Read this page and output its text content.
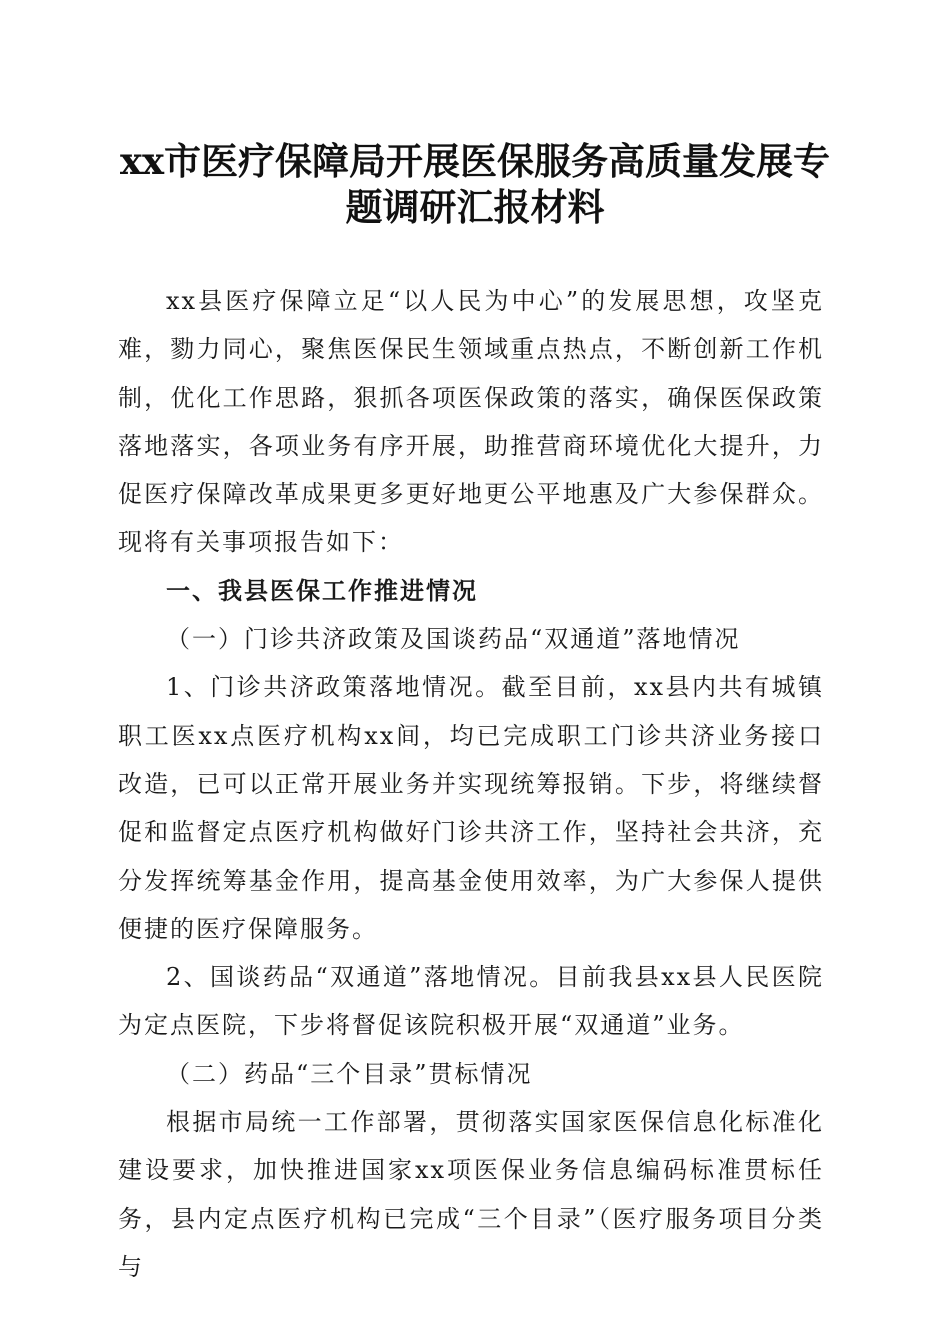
xx市医疗保障局开展医保服务高质量发展专
题调研汇报材料

xx县医疗保障立足“以人民为中心”的发展思想，攻坚克难，勠力同心，聚焦医保民生领域重点热点，不断创新工作机制，优化工作思路，狠抓各项医保政策的落实，确保医保政策落地落实，各项业务有序开展，助推营商环境优化大提升，力促医疗保障改革成果更多更好地更公平地惠及广大参保群众。现将有关事项报告如下：

一、我县医保工作推进情况

（一）门诊共济政策及国谈药品“双通道”落地情况

1、门诊共济政策落地情况。截至目前，xx县内共有城镇职工医xx点医疗机构xx间，均已完成职工门诊共济业务接口改造，已可以正常开展业务并实现统筹报销。下步，将继续督促和监督定点医疗机构做好门诊共济工作，坚持社会共济，充分发挥统筹基金作用，提高基金使用效率，为广大参保人提供便捷的医疗保障服务。

2、国谈药品“双通道”落地情况。目前我县xx县人民医院为定点医院，下步将督促该院积极开展“双通道”业务。

（二）药品“三个目录”贯标情况

根据市局统一工作部署，贯彻落实国家医保信息化标准化建设要求，加快推进国家xx项医保业务信息编码标准贯标任务，县内定点医疗机构已完成“三个目录”（医疗服务项目分类与
